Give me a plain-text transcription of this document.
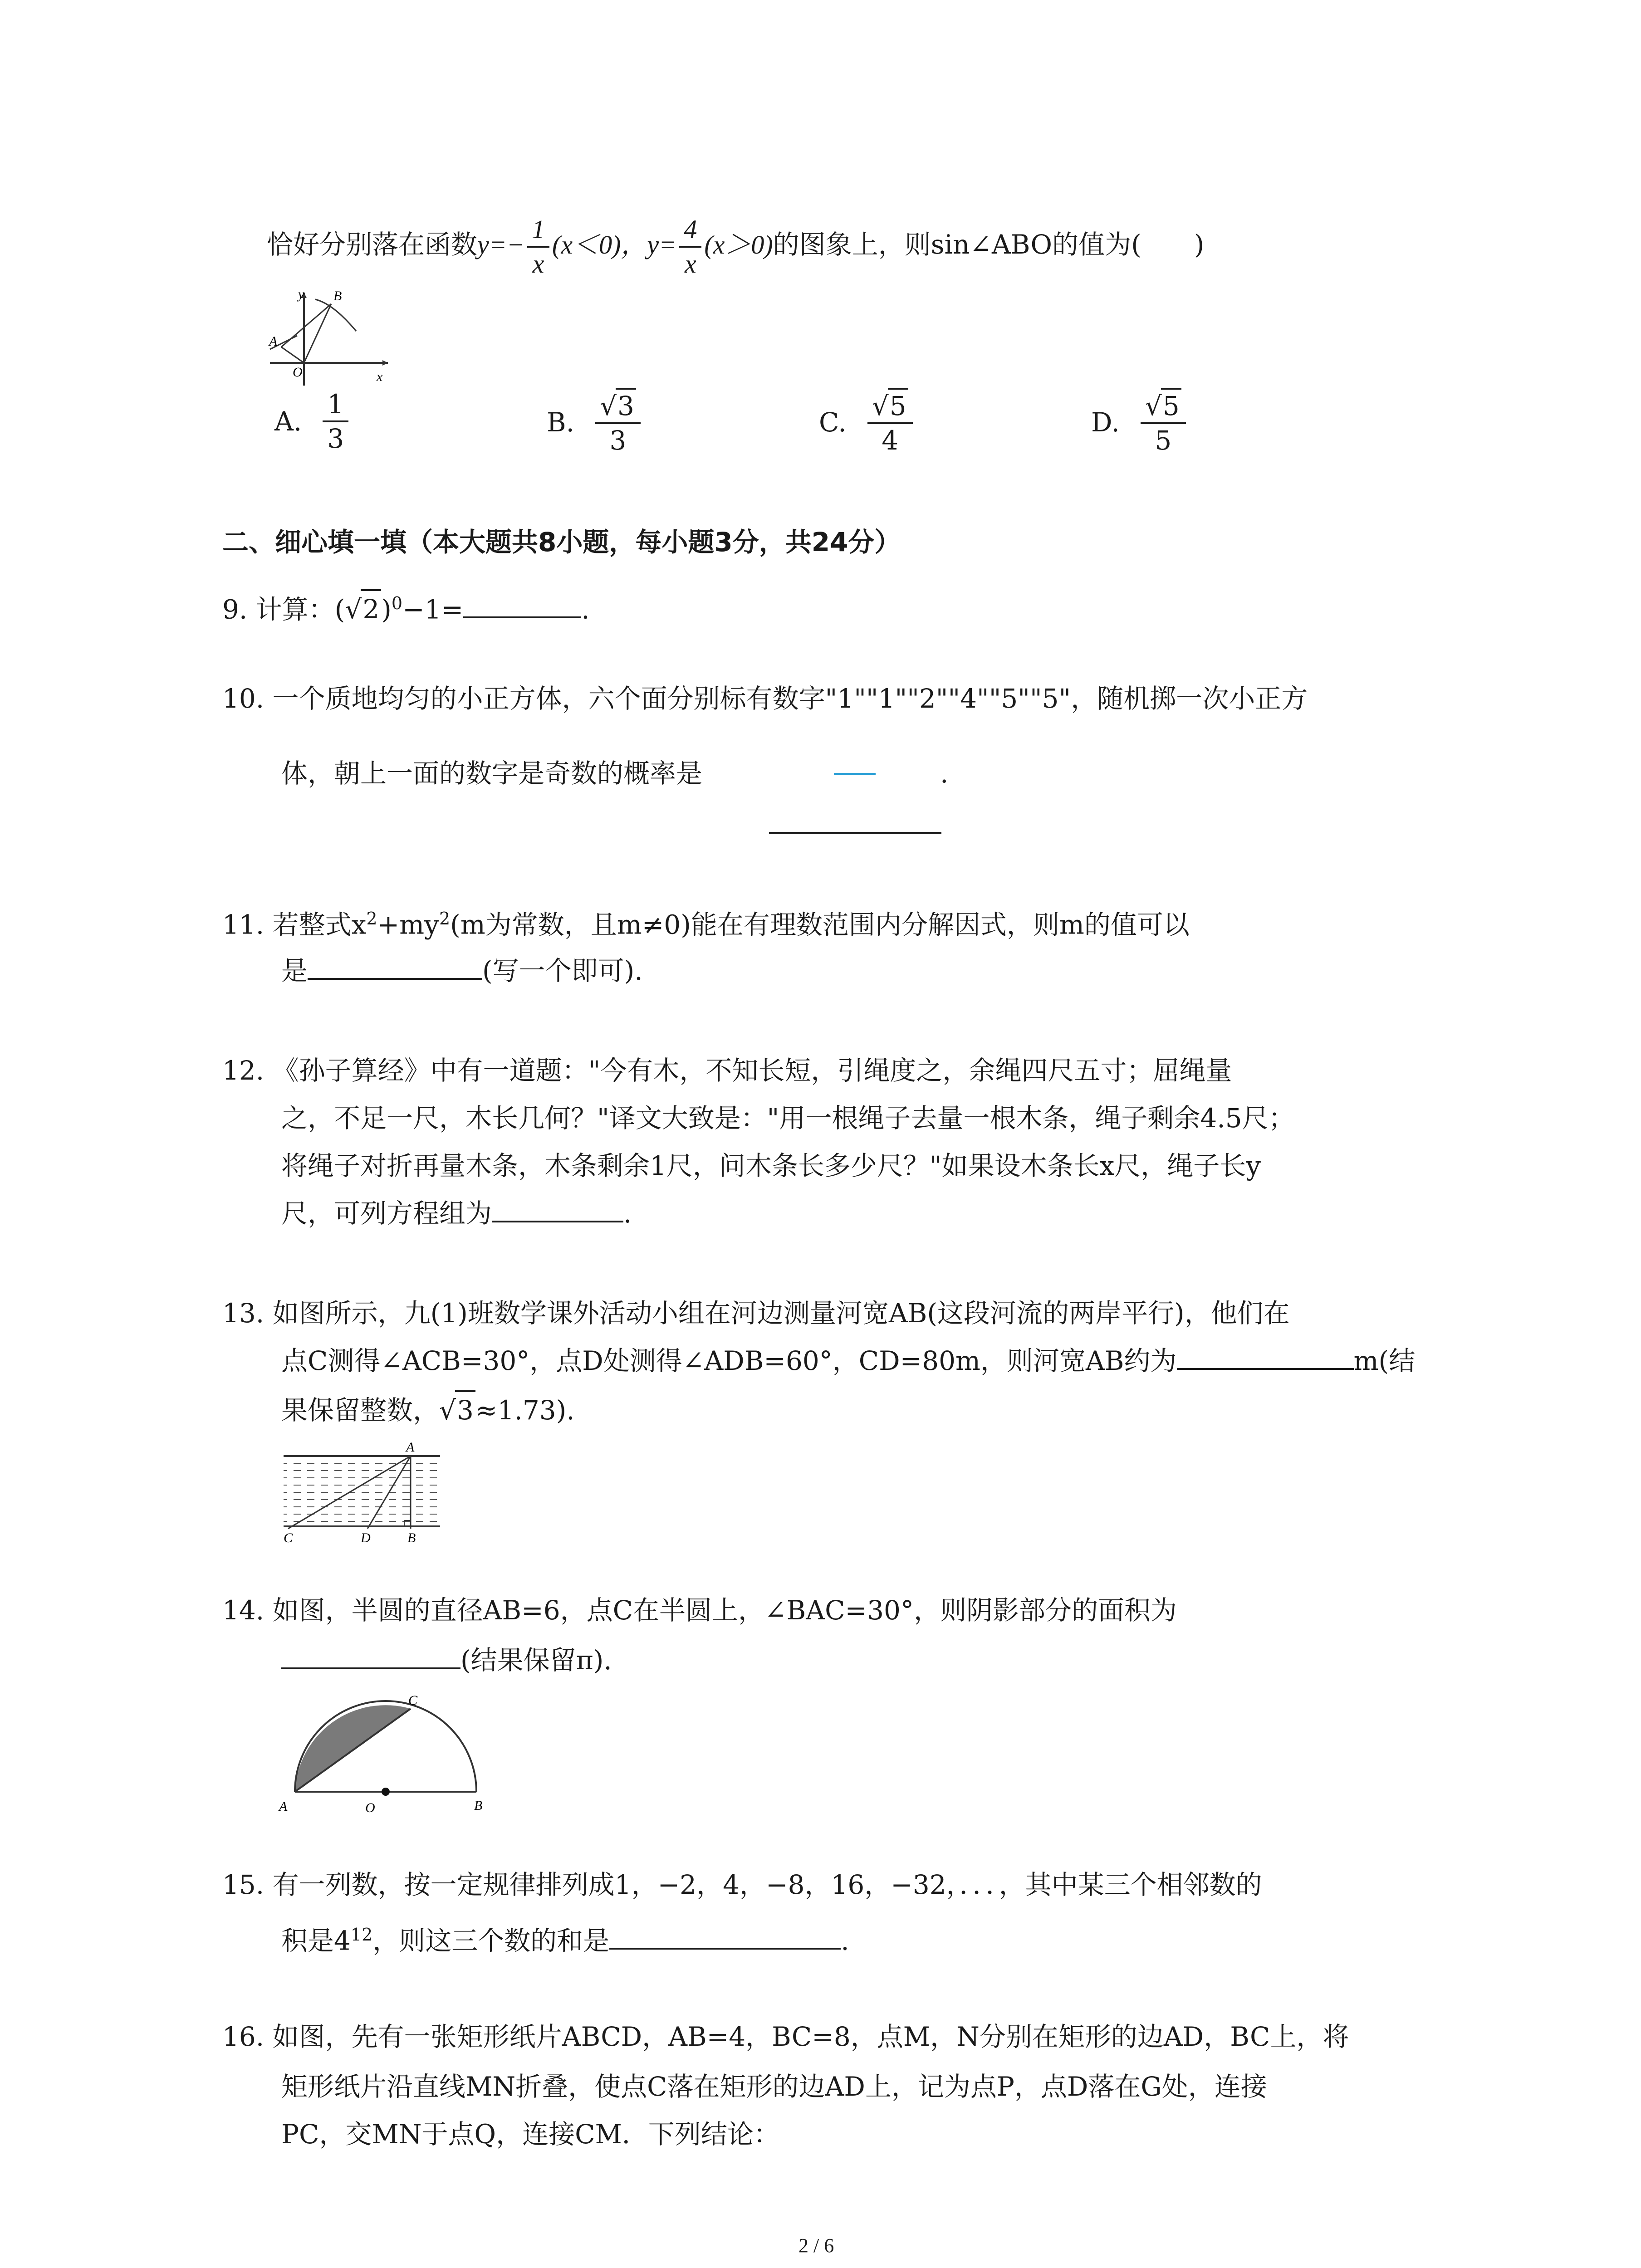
恰好分别落在函数$y=- \frac{1}{x} (x<0)$，$y= \frac{4}{x} (x>0)$的图象上，则sin∠ABO的值为(　　)
y B
A
O	x
A. $\frac{1}{3}$	B. $\frac{√3}{3}$	C. $\frac{√5}{4}$	D. $\frac{√5}{5}$
二、细心填一填（本大题共8小题，每小题3分，共24分）
9. 计算：$(√2)^0-1=$	.
10. 一个质地均匀的小正方体，六个面分别标有数字"1""1""2""4""5""5"，随机掷一次小正方
体，朝上一面的数字是奇数的概率是	.
11. 若整式$x^2+my^2(m$为常数，且m≠0)能在有理数范围内分解因式，则m的值可以
是	(写一个即可).
12. 《孙子算经》中有一道题："今有木，不知长短，引绳度之，余绳四尺五寸；屈绳量
之，不足一尺，木长几何？"译文大致是："用一根绳子去量一根木条，绳子剩余4.5尺；
将绳子对折再量木条，木条剩余1尺，问木条长多少尺？"如果设木条长x尺，绳子长y
尺，可列方程组为	.
13. 如图所示，九(1)班数学课外活动小组在河边测量河宽AB(这段河流的两岸平行)，他们在
点C测得∠ACB=30°，点D处测得∠ADB=60°，CD=80m，则河宽AB约为	m(结
果保留整数，√3≈1.73).
A
C	D	B
14. 如图，半圆的直径AB=6，点C在半圆上，∠BAC=30°，则阴影部分的面积为
(结果保留π).
C
A	O	B
15. 有一列数，按一定规律排列成1，−2，4，−8，16，−32，．．．，其中某三个相邻数的
积是$4^{12}$，则这三个数的和是	.
16. 如图，先有一张矩形纸片ABCD，AB=4，BC=8，点M，N分别在矩形的边AD，BC上，将
矩形纸片沿直线MN折叠，使点C落在矩形的边AD上，记为点P，点D落在G处，连接
PC，交MN于点Q，连接CM．下列结论：
2 / 6
